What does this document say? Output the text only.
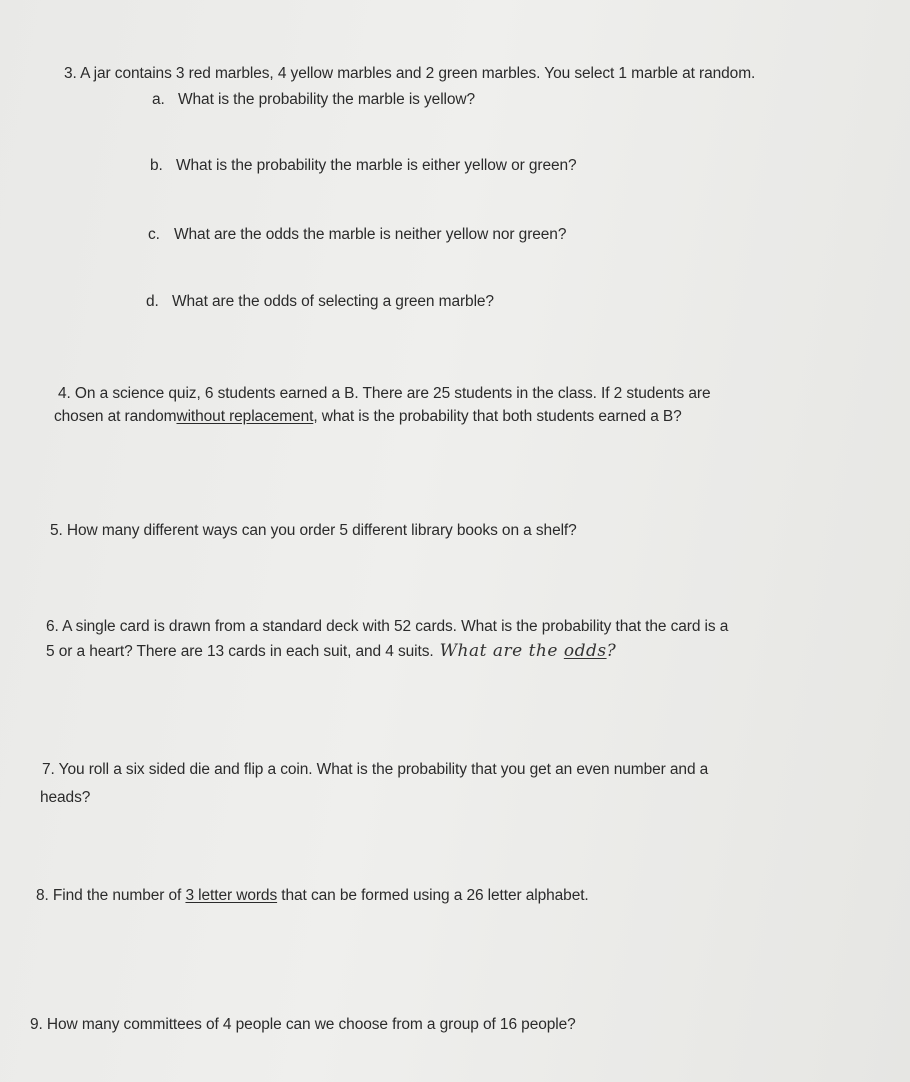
3. A jar contains 3 red marbles, 4 yellow marbles and 2 green marbles. You select 1 marble at random.
a. What is the probability the marble is yellow?
b. What is the probability the marble is either yellow or green?
c. What are the odds the marble is neither yellow nor green?
d. What are the odds of selecting a green marble?
4. On a science quiz, 6 students earned a B. There are 25 students in the class. If 2 students are
chosen at randomwithout replacement, what is the probability that both students earned a B?
5. How many different ways can you order 5 different library books on a shelf?
6. A single card is drawn from a standard deck with 52 cards. What is the probability that the card is a
5 or a heart? There are 13 cards in each suit, and 4 suits. What are the odds?
7. You roll a six sided die and flip a coin. What is the probability that you get an even number and a
heads?
8. Find the number of 3 letter words that can be formed using a 26 letter alphabet.
9. How many committees of 4 people can we choose from a group of 16 people?
